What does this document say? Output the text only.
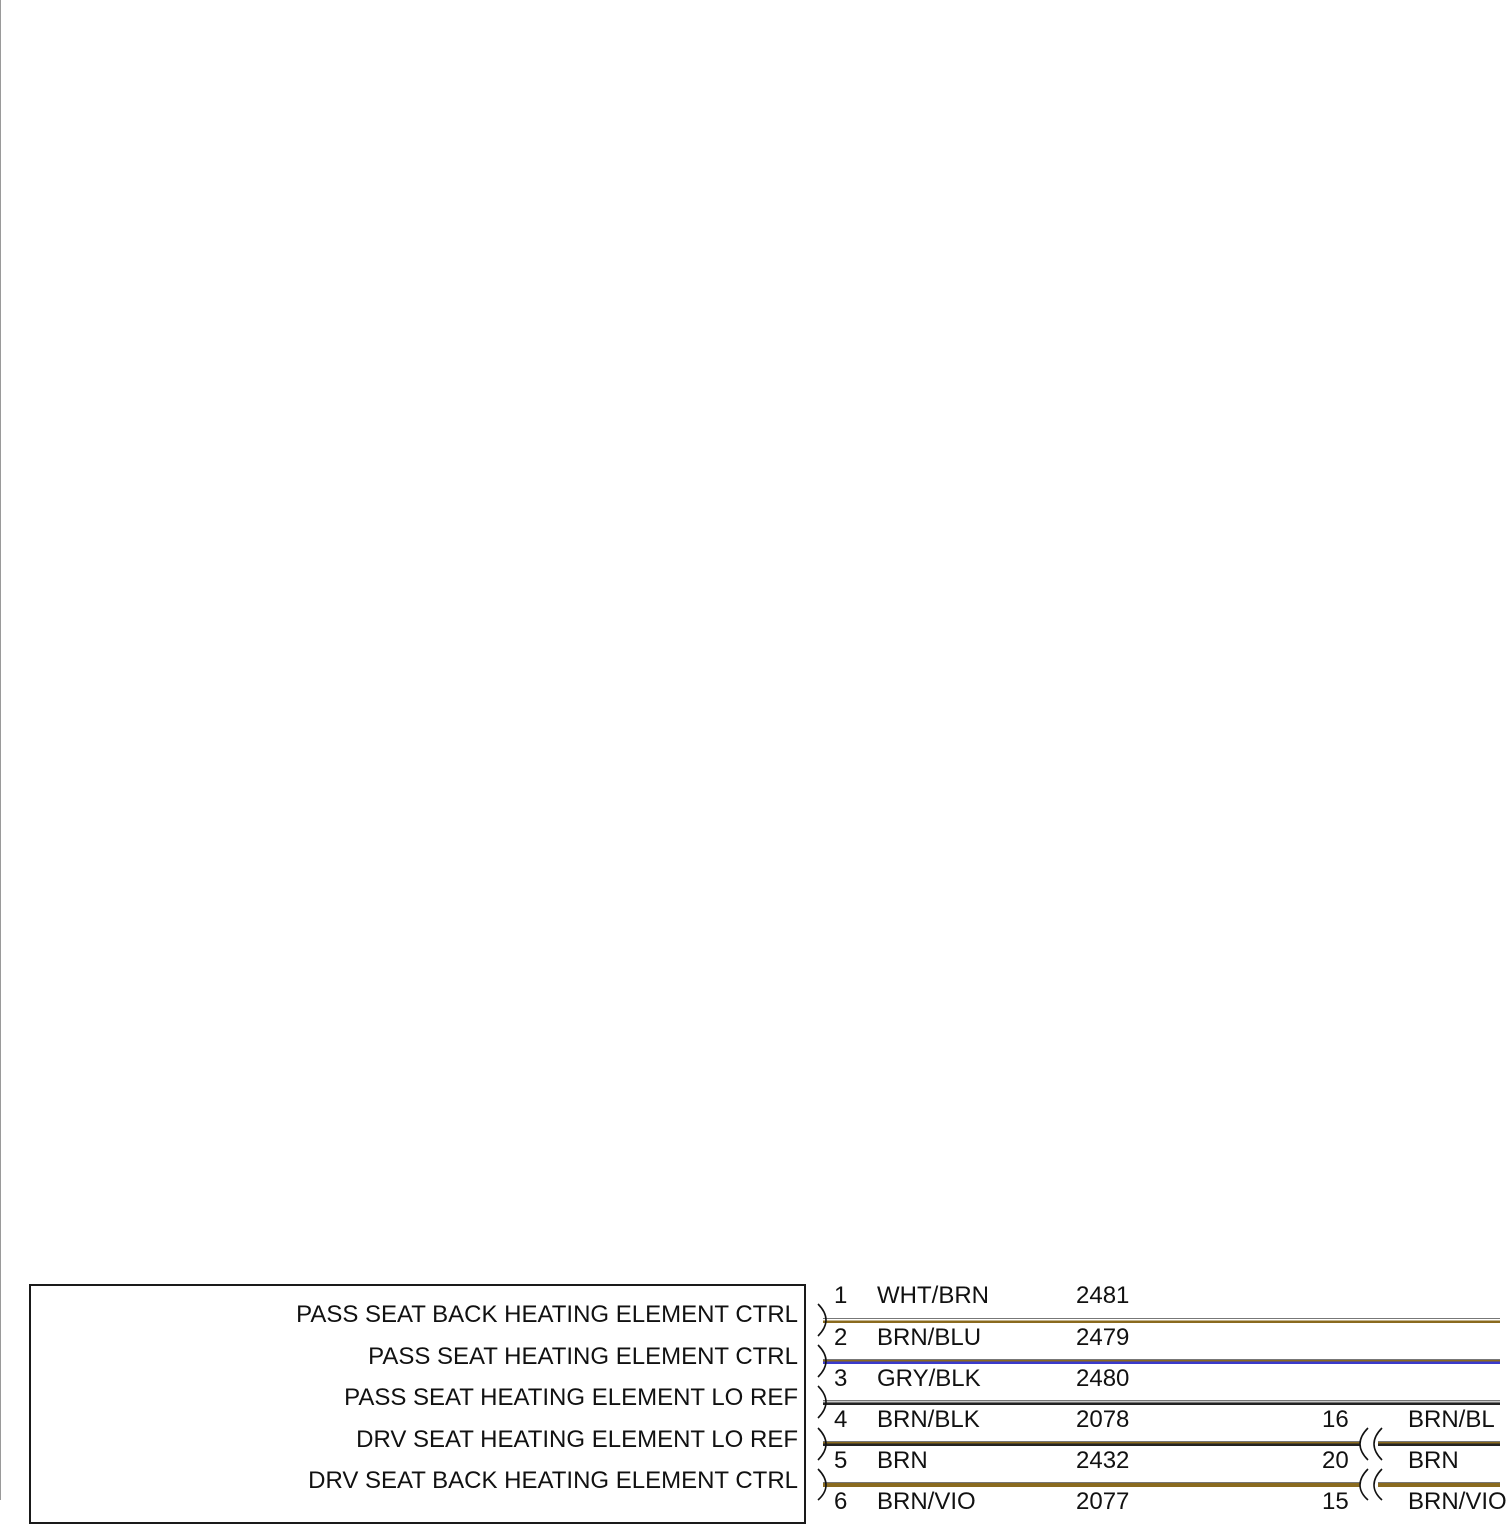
PASS SEAT BACK HEATING ELEMENT CTRL
PASS SEAT HEATING ELEMENT CTRL
PASS SEAT HEATING ELEMENT LO REF
DRV SEAT HEATING ELEMENT LO REF
DRV SEAT BACK HEATING ELEMENT CTRL
1
2
3
4
5
6
WHT/BRN
BRN/BLU
GRY/BLK
BRN/BLK
BRN
BRN/VIO
2481
2479
2480
2078
2432
2077
16
20
15
BRN/BL
BRN
BRN/VIO
